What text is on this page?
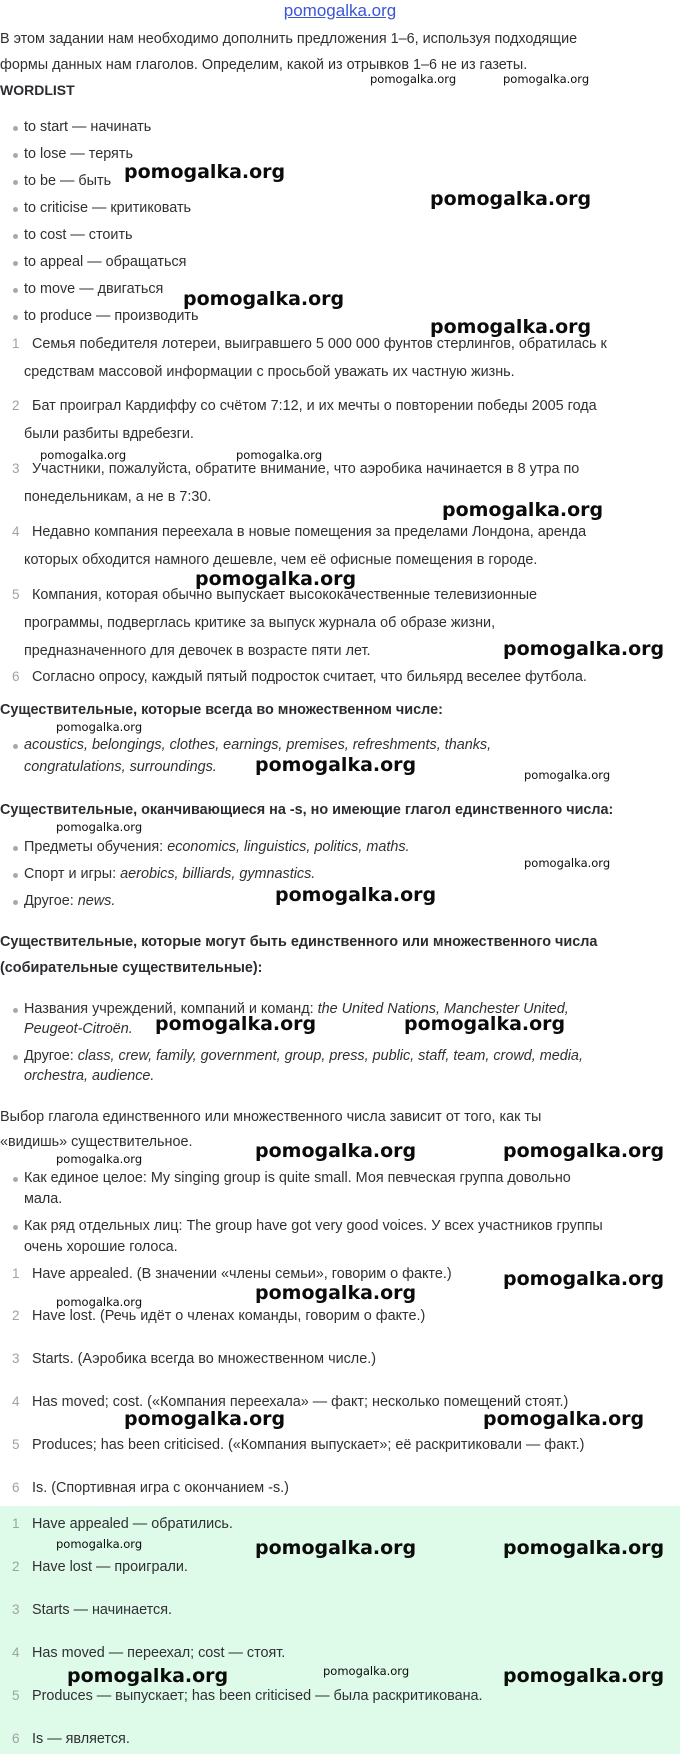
pomogalka.org
В этом задании нам необходимо дополнить предложения 1–6, используя подходящие
формы данных нам глаголов. Определим, какой из отрывков 1–6 не из газеты.
WORDLIST
to start — начинать
to lose — терять
to be — быть
to criticise — критиковать
to cost — стоить
to appeal — обращаться
to move — двигаться
to produce — производить
1 Семья победителя лотереи, выигравшего 5 000 000 фунтов стерлингов, обратилась к
средствам массовой информации с просьбой уважать их частную жизнь.
2 Бат проиграл Кардиффу со счётом 7:12, и их мечты о повторении победы 2005 года
были разбиты вдребезги.
3 Участники, пожалуйста, обратите внимание, что аэробика начинается в 8 утра по
понедельникам, а не в 7:30.
4 Недавно компания переехала в новые помещения за пределами Лондона, аренда
которых обходится намного дешевле, чем её офисные помещения в городе.
5 Компания, которая обычно выпускает высококачественные телевизионные
программы, подверглась критике за выпуск журнала об образе жизни,
предназначенного для девочек в возрасте пяти лет.
6 Согласно опросу, каждый пятый подросток считает, что бильярд веселее футбола.
Существительные, которые всегда во множественном числе:
acoustics, belongings, clothes, earnings, premises, refreshments, thanks,
congratulations, surroundings.
Существительные, оканчивающиеся на -s, но имеющие глагол единственного числа:
Предметы обучения: economics, linguistics, politics, maths.
Спорт и игры: aerobics, billiards, gymnastics.
Другое: news.
Существительные, которые могут быть единственного или множественного числа
(собирательные существительные):
Названия учреждений, компаний и команд: the United Nations, Manchester United,
Peugeot-Citroën.
Другое: class, crew, family, government, group, press, public, staff, team, crowd, media,
orchestra, audience.
Выбор глагола единственного или множественного числа зависит от того, как ты
«видишь» существительное.
Как единое целое: My singing group is quite small. Моя певческая группа довольно
мала.
Как ряд отдельных лиц: The group have got very good voices. У всех участников группы
очень хорошие голоса.
1 Have appealed. (В значении «члены семьи», говорим о факте.)
2 Have lost. (Речь идёт о членах команды, говорим о факте.)
3 Starts. (Аэробика всегда во множественном числе.)
4 Has moved; cost. («Компания переехала» — факт; несколько помещений стоят.)
5 Produces; has been criticised. («Компания выпускает»; её раскритиковали — факт.)
6 Is. (Спортивная игра с окончанием -s.)
1 Have appealed — обратились.
2 Have lost — проиграли.
3 Starts — начинается.
4 Has moved — переехал; cost — стоят.
5 Produces — выпускает; has been criticised — была раскритикована.
6 Is — является.
pomogalka.org	pomogalka.org
pomogalka.org
pomogalka.org
pomogalka.org
pomogalka.org
pomogalka.org	pomogalka.org
pomogalka.org
pomogalka.org
pomogalka.org
pomogalka.org
pomogalka.org	pomogalka.org
pomogalka.org
pomogalka.org
pomogalka.org
pomogalka.org	pomogalka.org
pomogalka.org	pomogalka.org
pomogalka.org
pomogalka.org
pomogalka.org
pomogalka.org
pomogalka.org	pomogalka.org
pomogalka.org	pomogalka.org	pomogalka.org
pomogalka.org	pomogalka.org	pomogalka.org
